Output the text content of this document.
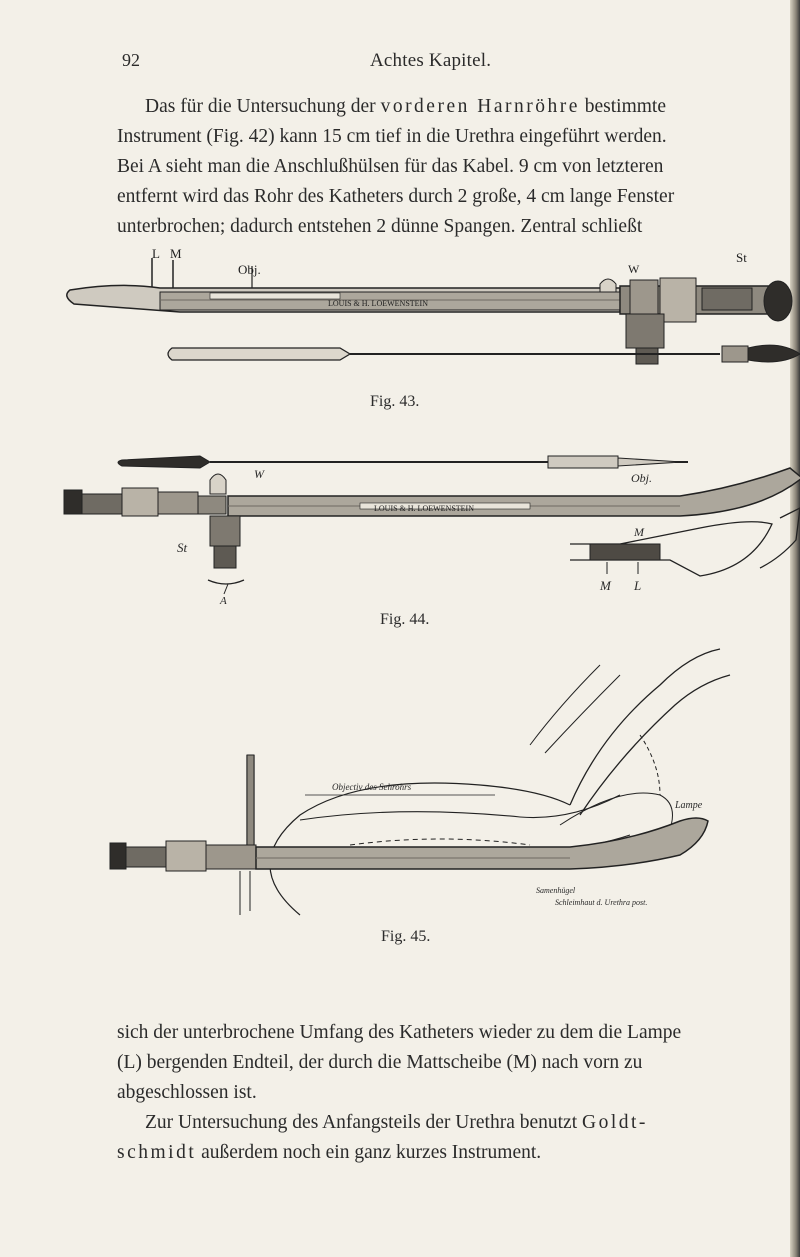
92	Achtes Kapitel.
Das für die Untersuchung der vorderen Harnröhre bestimmte
Instrument (Fig. 42) kann 15 cm tief in die Urethra eingeführt werden.
Bei A sieht man die Anschlußhülsen für das Kabel. 9 cm von letzteren
entfernt wird das Rohr des Katheters durch 2 große, 4 cm lange Fenster
unterbrochen; dadurch entstehen 2 dünne Spangen. Zentral schließt
L M
Obj.	W
St
LOUIS & H. LOEWENSTEIN
Fig. 43.
W
St
A
Obj.
M
M L
LOUIS & H. LOEWENSTEIN
Fig. 44.
Objectiv des Sehrohrs
Lampe
Samenhügel
Schleimhaut d. Urethra post.
Fig. 45.
sich der unterbrochene Umfang des Katheters wieder zu dem die Lampe
(L) bergenden Endteil, der durch die Mattscheibe (M) nach vorn zu
abgeschlossen ist.
Zur Untersuchung des Anfangsteils der Urethra benutzt Goldt-
schmidt außerdem noch ein ganz kurzes Instrument.
